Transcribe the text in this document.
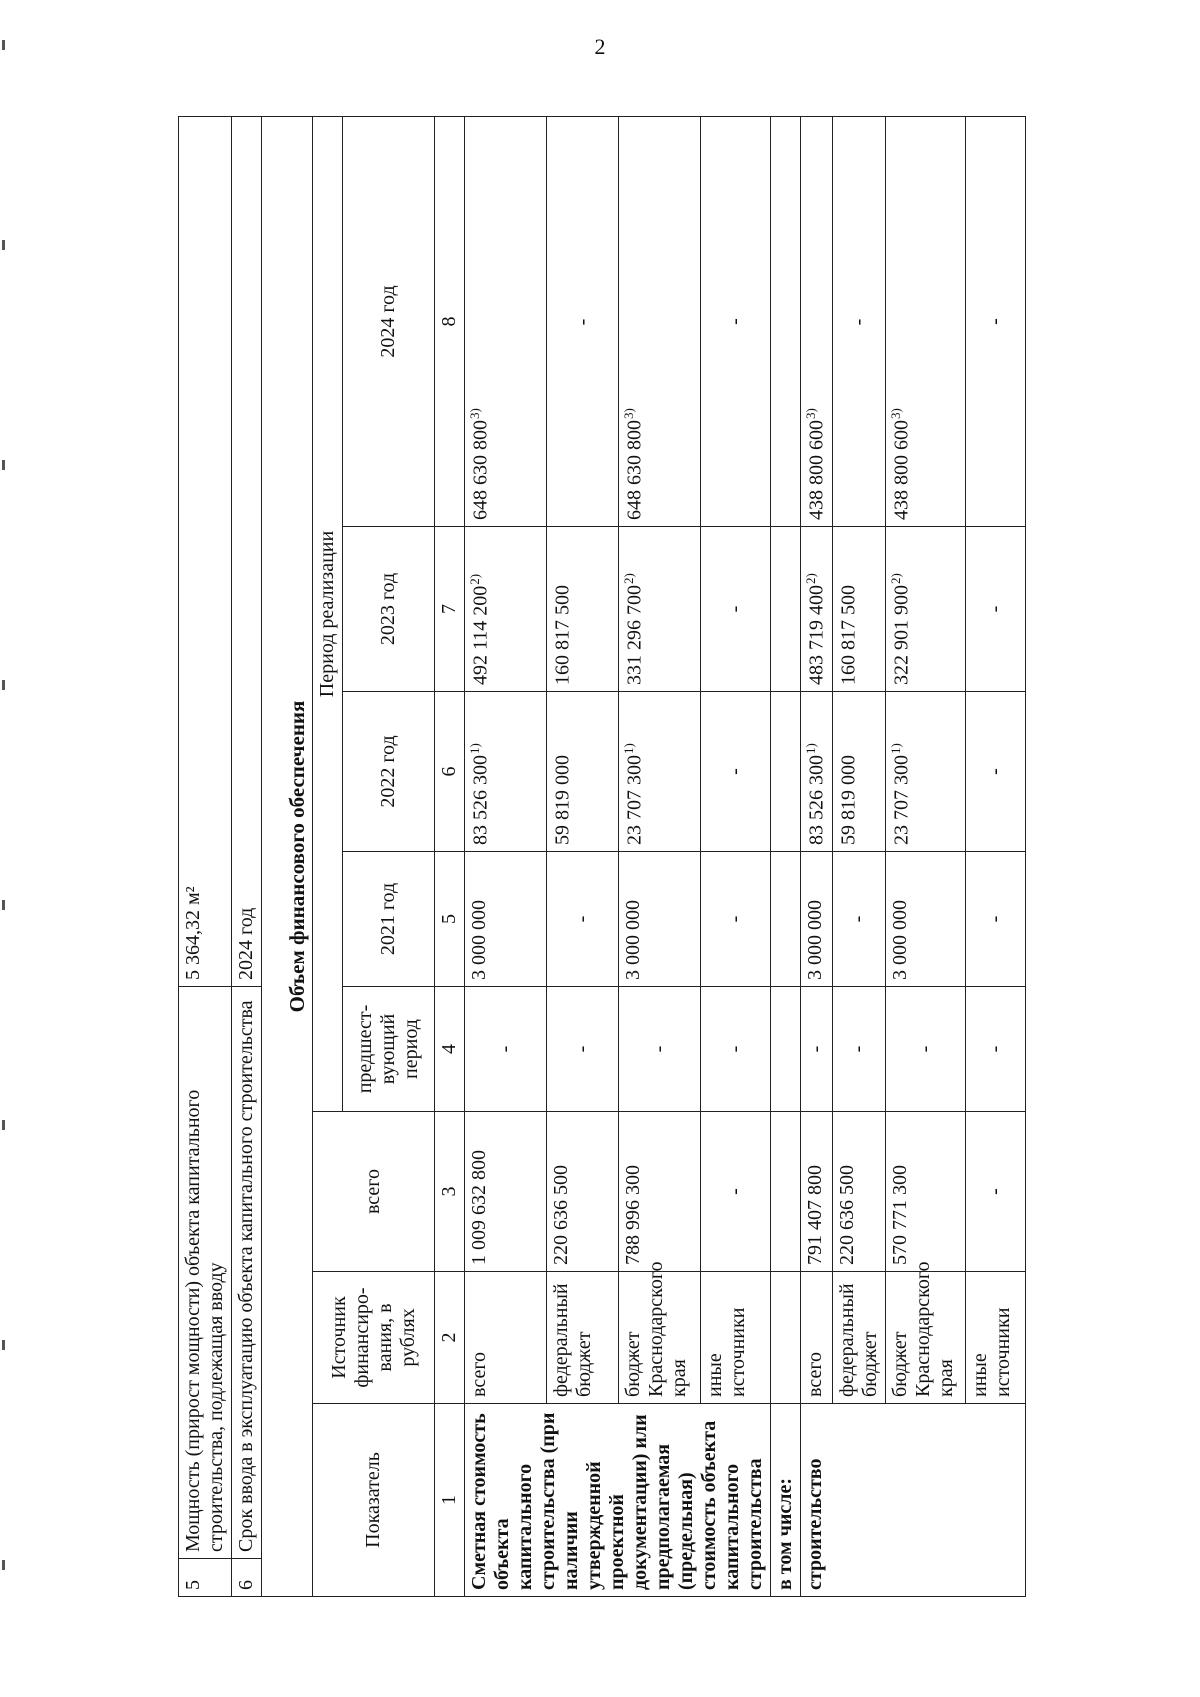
2
5	Мощность (прирост мощности) объекта капитального строительства, подлежащая вводу				5 364,32 м²			
6	Срок ввода в эксплуатацию объекта капитального строительства				2024 год			
Объем финансового обеспечения								
Показатель		Источник финансиро-вания, в рублях	всего	Период реализации				
				предшест-вующий период	2021 год	2022 год	2023 год	2024 год
1		2	3	4	5	6	7	8
Сметная стоимость объекта капитального строительства (при наличии утвержденной проектной документации) или предполагаемая (предельная) стоимость объекта капитального строительства		всего	1 009 632 800	-	3 000 000	83 526 300$^{1)}$	492 114 200$^{2)}$	648 630 800$^{3)}$
		федеральный бюджет	220 636 500	-	-	59 819 000	160 817 500	-
		бюджет Краснодарского края	788 996 300	-	3 000 000	23 707 300$^{1)}$	331 296 700$^{2)}$	648 630 800$^{3)}$
		иные источники	-	-	-	-	-	-
в том числе:								
строительство		всего	791 407 800	-	3 000 000	83 526 300$^{1)}$	483 719 400$^{2)}$	438 800 600$^{3)}$
		федеральный бюджет	220 636 500	-	-	59 819 000	160 817 500	-
		бюджет Краснодарского края	570 771 300	-	3 000 000	23 707 300$^{1)}$	322 901 900$^{2)}$	438 800 600$^{3)}$
		иные источники	-	-	-	-	-	-
